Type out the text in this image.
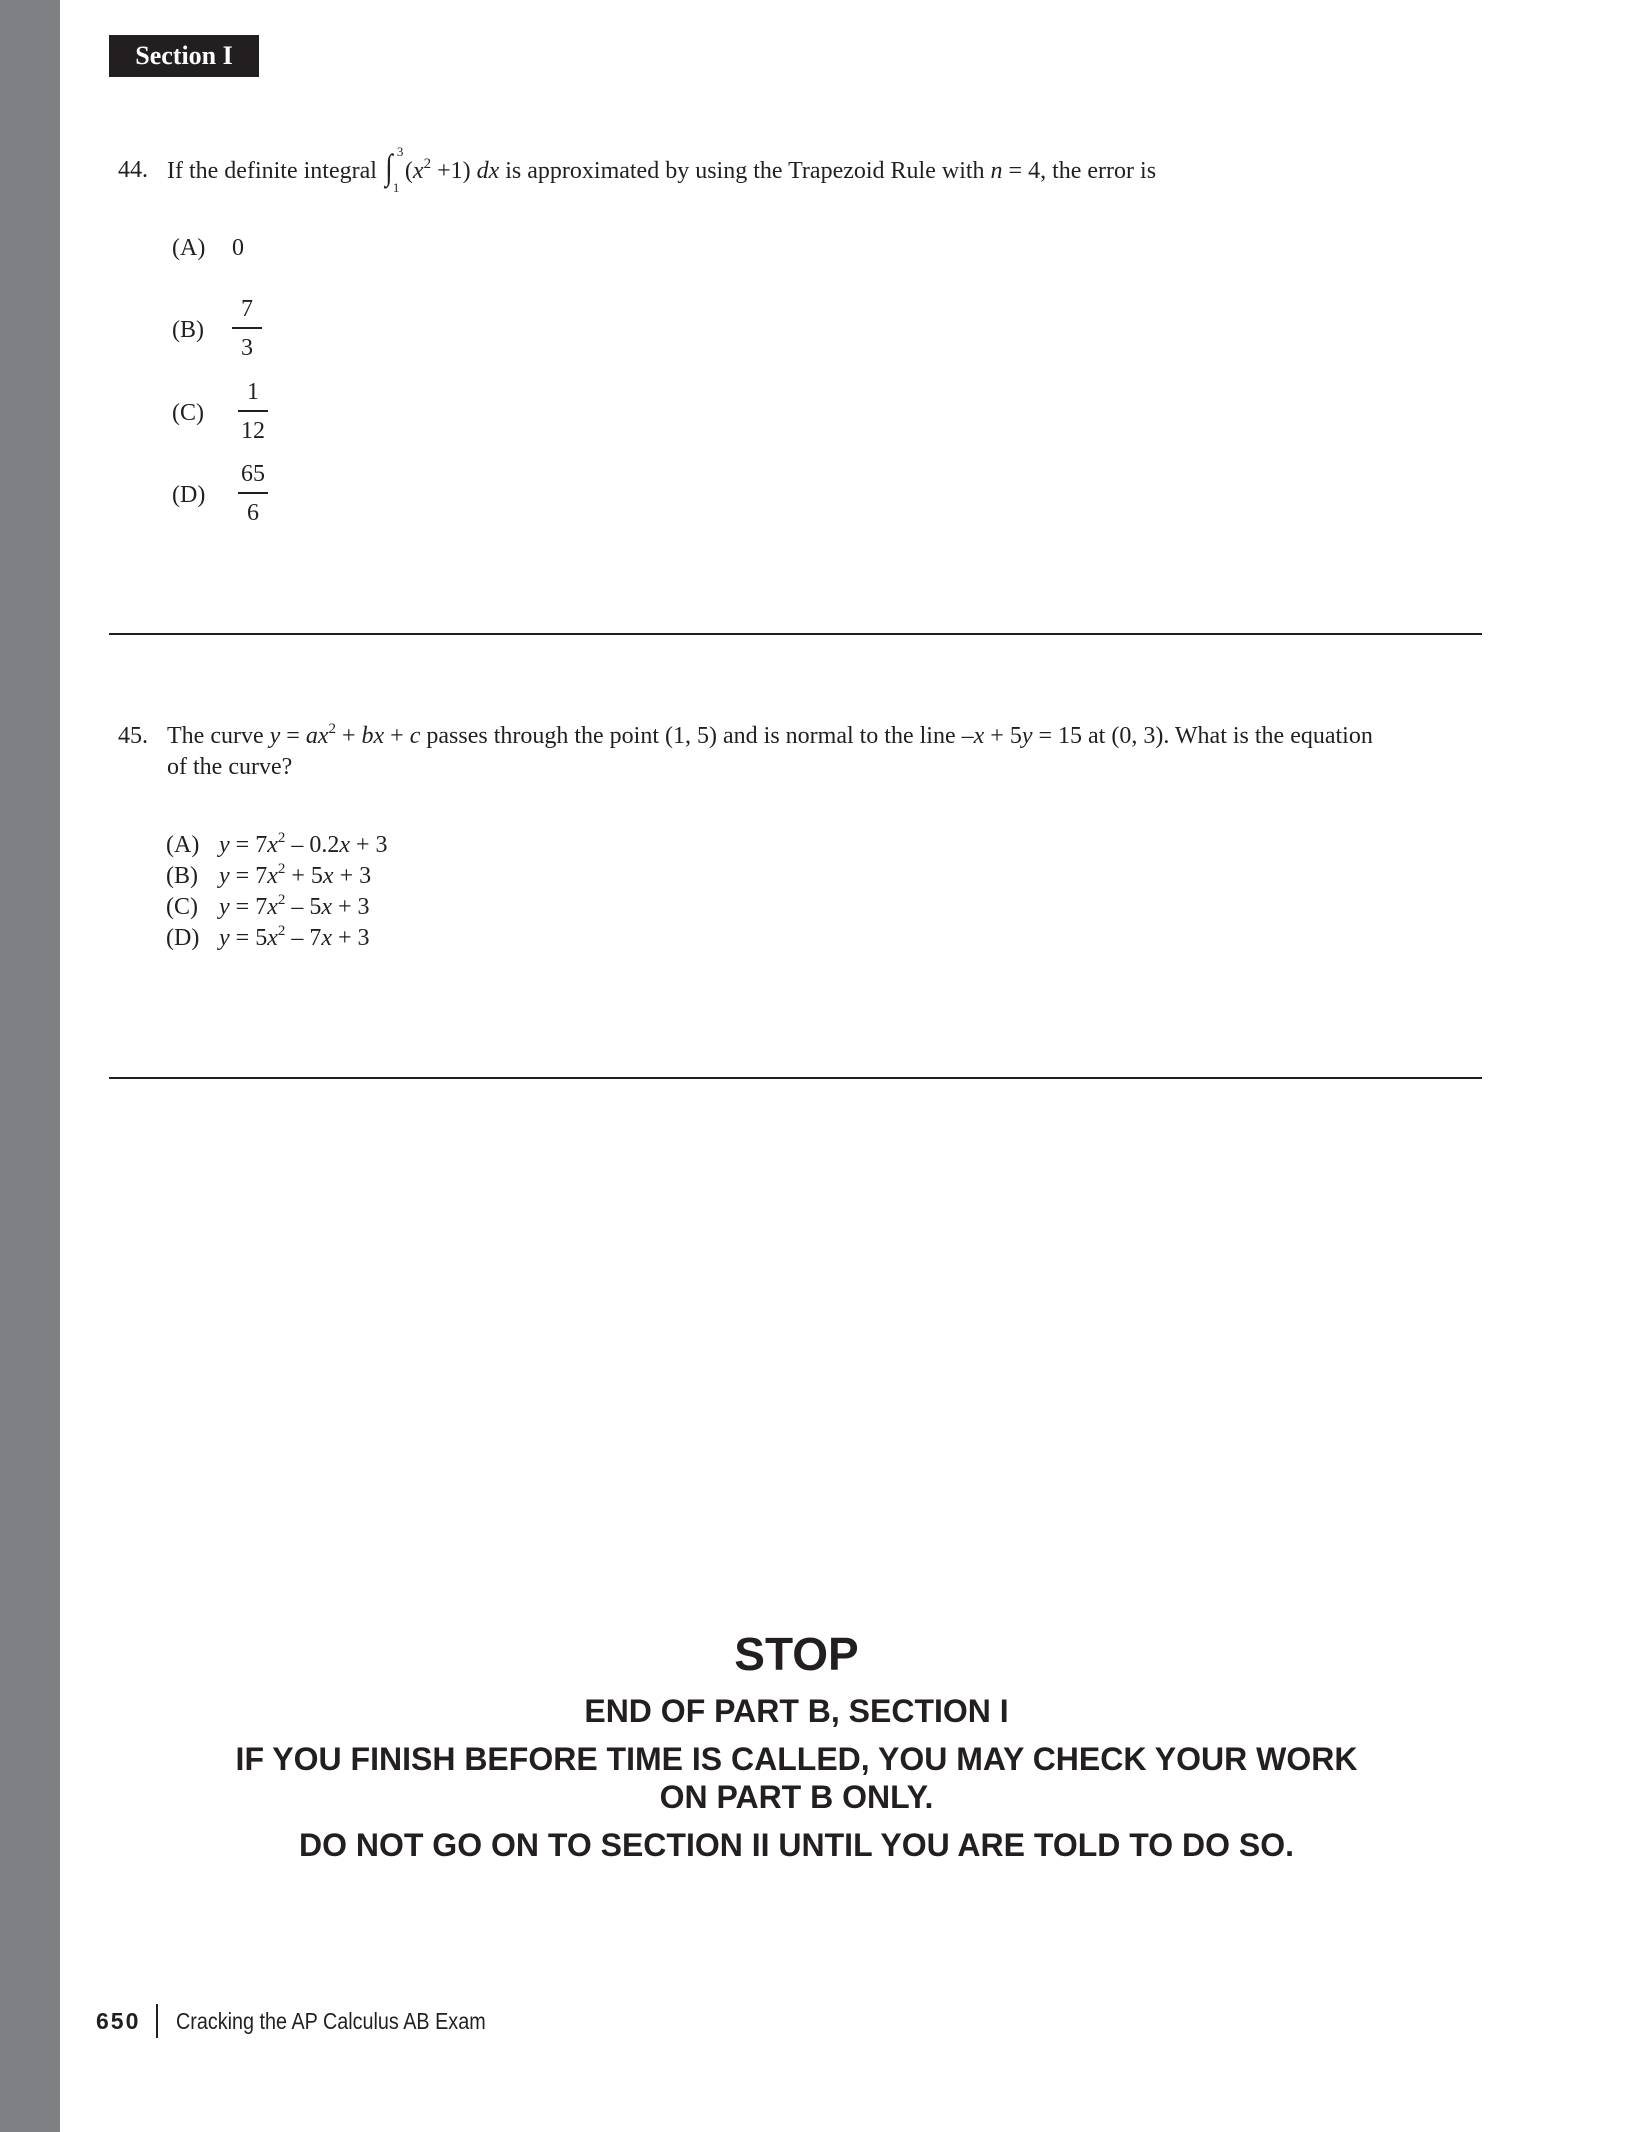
Section I
44. If the definite integral ∫ 3
1
$(x^2 +1)$ dx is approximated by using the Trapezoid Rule with n = 4, the error is
(A) 0
(B)
7
3
(C)
1
12
(D)
65
6
45. The curve $y = ax^2$ + bx + c passes through the point (1, 5) and is normal to the line –x + 5y = 15 at (0, 3). What is the equation
of the curve?
(A) $y = 7x^2 - 0.2x + 3$
(B) $y = 7x^2 + 5x + 3$
(C) $y = 7x^2 - 5x + 3$
(D) $y = 5x^2 - 7x + 3$
STOP
END OF PART B, SECTION I
IF YOU FINISH BEFORE TIME IS CALLED, YOU MAY CHECK YOUR WORK
ON PART B ONLY.
DO NOT GO ON TO SECTION II UNTIL YOU ARE TOLD TO DO SO.
650 Cracking the AP Calculus AB Exam
